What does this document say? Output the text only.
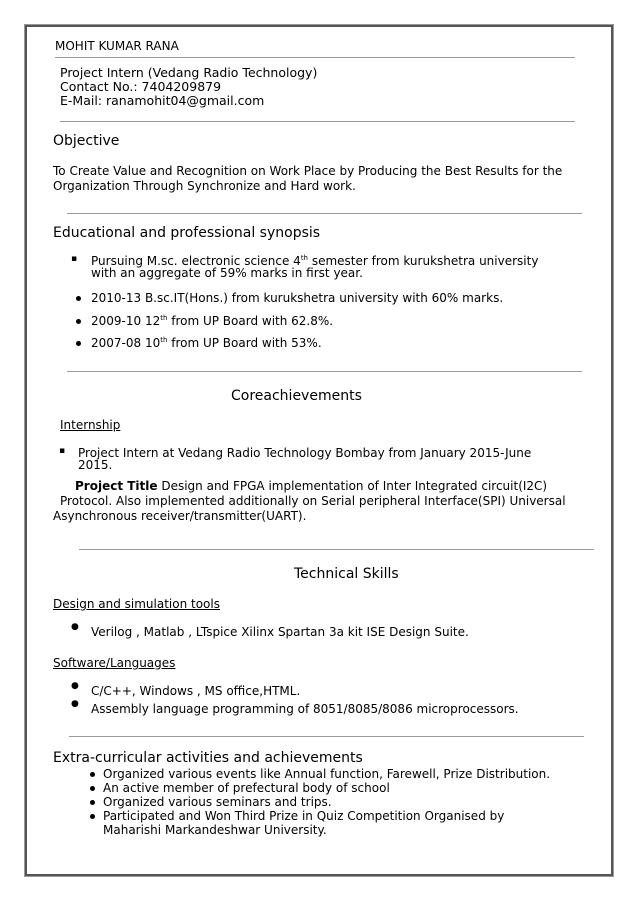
MOHIT KUMAR RANA
Project Intern (Vedang Radio Technology)
Contact No.: 7404209879
E-Mail: ranamohit04@gmail.com
Objective
To Create Value and Recognition on Work Place by Producing the Best Results for the
Organization Through Synchronize and Hard work.
Educational and professional synopsis
▪ Pursuing M.sc. electronic science 4th semester from kurukshetra university
with an aggregate of 59% marks in first year.
2010-13 B.sc.IT(Hons.) from kurukshetra university with 60% marks.
2009-10 12th from UP Board with 62.8%.
2007-08 10th from UP Board with 53%.
Coreachievements
Internship
▪ Project Intern at Vedang Radio Technology Bombay from January 2015-June
2015.
Project Title Design and FPGA implementation of Inter Integrated circuit(I2C)
Protocol. Also implemented additionally on Serial peripheral Interface(SPI) Universal
Asynchronous receiver/transmitter(UART).
Technical Skills
Design and simulation tools
● Verilog , Matlab , LTspice Xilinx Spartan 3a kit ISE Design Suite.
Software/Languages
● C/C++, Windows , MS office,HTML.
● Assembly language programming of 8051/8085/8086 microprocessors.
Extra-curricular activities and achievements
Organized various events like Annual function, Farewell, Prize Distribution.
An active member of prefectural body of school
Organized various seminars and trips.
Participated and Won Third Prize in Quiz Competition Organised by
Maharishi Markandeshwar University.
